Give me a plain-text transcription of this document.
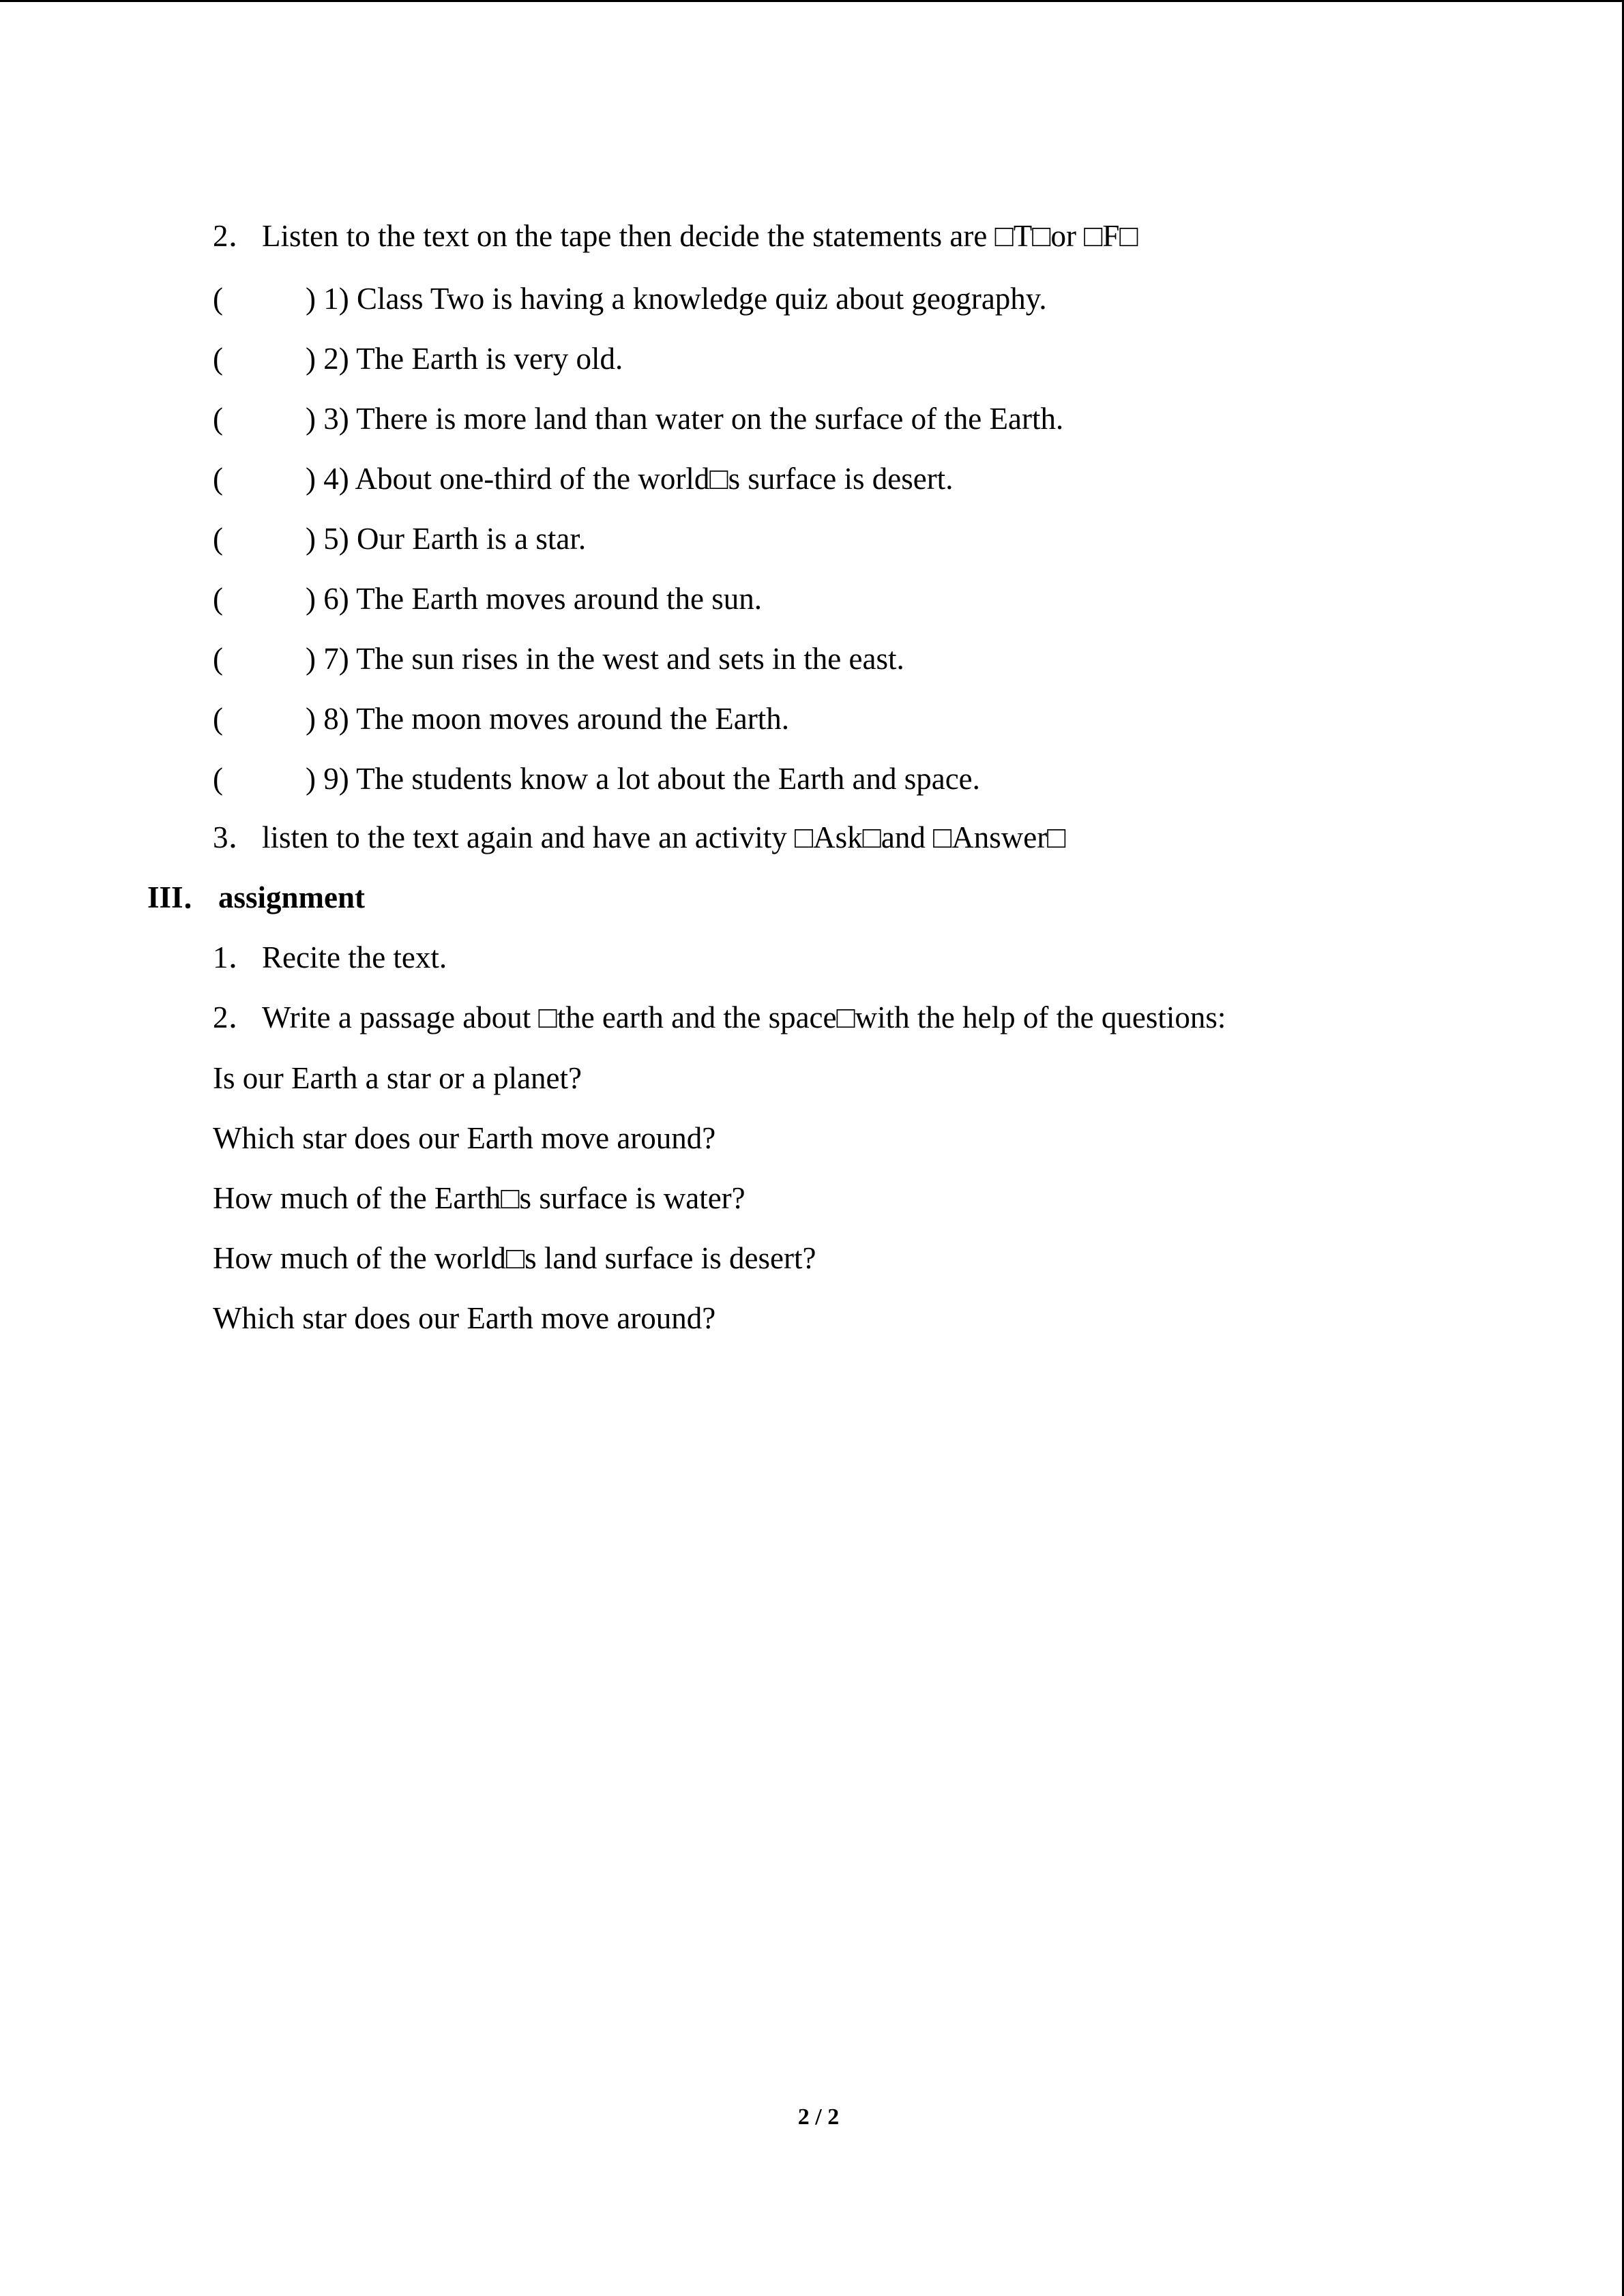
2．Listen to the text on the tape then decide the statements are □T□or □F□

(	) 1) Class Two is having a knowledge quiz about geography.

(	) 2) The Earth is very old.

(	) 3) There is more land than water on the surface of the Earth.

(	) 4) About one-third of the world□s surface is desert.

(	) 5) Our Earth is a star.

(	) 6) The Earth moves around the sun.

(	) 7) The sun rises in the west and sets in the east.

(	) 8) The moon moves around the Earth.

(	) 9) The students know a lot about the Earth and space.

3．listen to the text again and have an activity □Ask□and □Answer□

III． assignment

1．Recite the text.

2．Write a passage about □the earth and the space□with the help of the questions:

Is our Earth a star or a planet?

Which star does our Earth move around?

How much of the Earth□s surface is water?

How much of the world□s land surface is desert?

Which star does our Earth move around?

2 / 2
